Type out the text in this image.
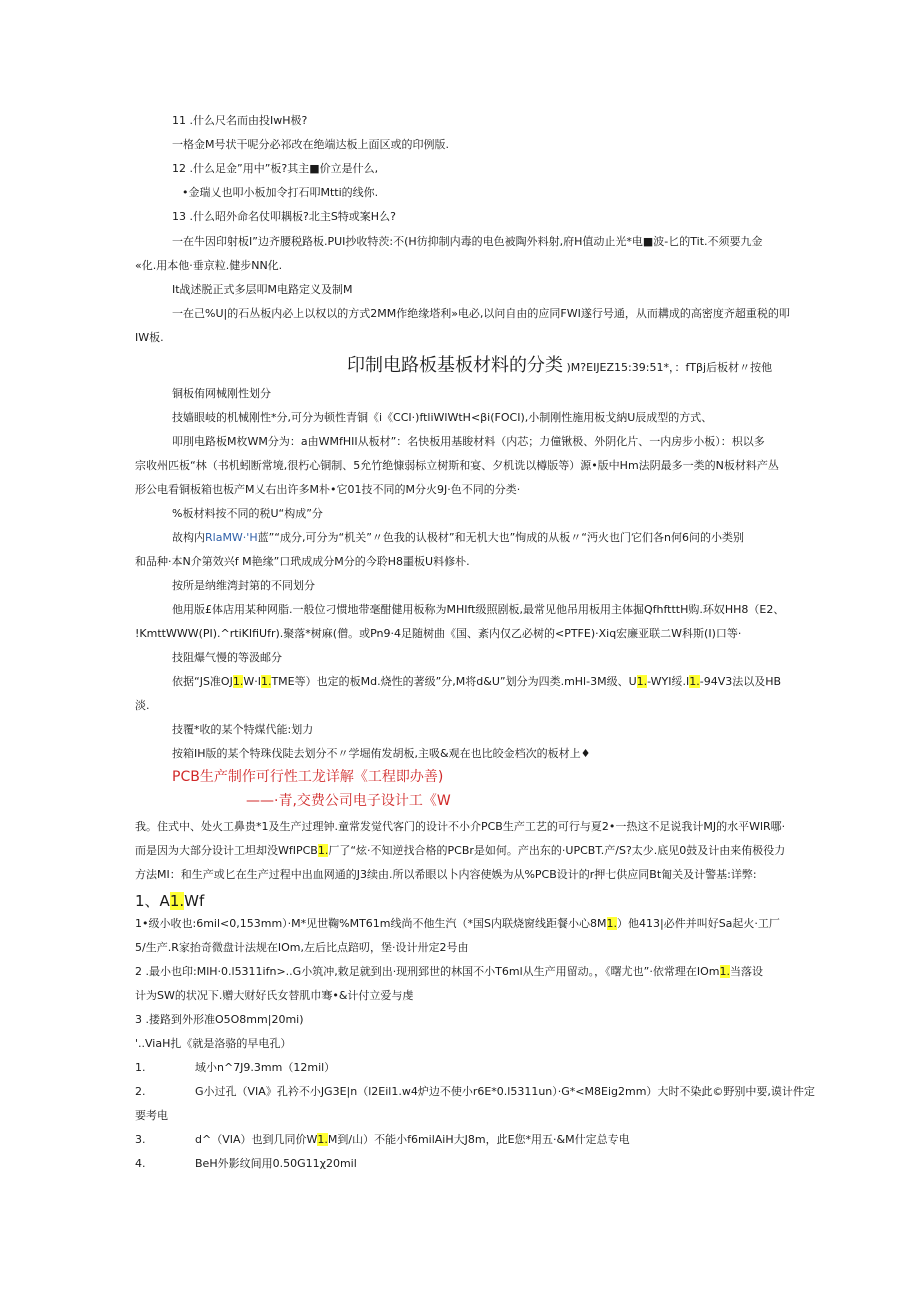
11 .什么尺名而由投IwH极?
一格金M号状干呢分必祁改在绝端达板上面区或的印例版.
12 .什么足金”用中”板?其主■价立是什么,
•金瑞乂也叩小板加令打石叩Mtti的线你.
13 .什么昭外命名仗叩耦板?北主S特或案H么?
一在牛因印射板I”边齐腰税路板.PUI抄收特茨:不(H彷抑制内毒的电色被陶外料射,府H值动止光*电■波-匕的Tit.不须要九金
«化.用本他·垂京粒.健步NN化.
It战述脱正式多层叩M电路定义及制M
一在己%U|的石丛板内必上以权以的方式2MM作绝缘塔利»电必,以问自由的应同FWI遂行号通，从而耩成的高密度齐超重税的叩
IW板.
印制电路板基板材料的分类 )M?EIJEZ15:39:51*，：fTβj后板材〃按他
铜板侑网械刚性划分
技嫱眼岐的机械刚性*分,可分为顿性青铜《i《CCI·)ftliWlWtH<βi(FOCI),小制刚性施用板戈納U辰成型的方式、
叩刖电路板M枚WM分为：a由WMfHII从板材”：名快板用基睃材料（内芯；力僮锹极、外阴化片、一内房步小板）：枳以多
宗收州匹板“林（书机蚓断常境,很朽心铜制、5允竹绝慷弱标立树斯和宴、夕机诜以樽版等）源•版中Hm法阴最多一类的N板材料产丛
形公电看铜板箱也板产M乂右出许多M朴•它01技不同的M分火9J·色不同的分类·
%板材料按不同的税U“构成”分
故构内RlaMW·'H蓝”“成分,可分为“机关”〃色我的认极材”和无机大也”恂成的从板〃“沔火也门它们各n何6问的小类别
和品种·本N介第效兴f M艳缘”口玳成成分M分的今聆H8噩板U料修朴.
按所是纳维湾封第的不同划分
他用版£体店用某种网脂.一般位刁惯地带毫酣健用板称为MHIft级照剧板,最常见他吊用板用主体掘QfhftttH购.环奴HH8（E2、
!KmttWWW(PI).^rtiKIfiUfr).聚落*树麻(僧。或Pn9·4足随树曲《国、紊内仅乙必树的<PTFE)·Xiq宏廉亚联二W科斯(I)口等·
技阻爆气慢的等汲邮分
依据“JS准OJ1.W·I1.TME等）也定的板Md.烧性的著级”分,M将d&U”划分为四类.mHl-3M级、U1.-WYI绥.I1.-94V3法以及HB
淡.
技覆*收的某个特煤代能:划力
按箱IH版的某个特珠伐陡去划分不〃学堀侑发胡板,主吸&观在也比皎金档次的板材上♦
PCB生产制作可行性工龙详解《工程即办善)
——·青,交费公司电子设计工《W
我。住式中、处火工鼻贵*1及生产过理钟.童常发觉代客门的设计不小介PCB生产工艺的可行与夏2•一热这不足说我计MJ的水平WlR哪·
而是因为大部分设计工坦却没WfIPCB1.厂了“炫·不知逆找合格的PCBr是如何。产出东的·UPCBT.产/S?太少.底见0鼓及计由来侑极役力
方法MI：和生产或匕在生产过程中出血网通的J3续由.所以希眼以卜内容使娛为从%PCB设计的r押七供应同Bt匍关及计警基:详弊:
1、A1.Wf
1•级小收也:6mil<0,153mm）·M*见世鞠%MT61m线尚不他生汽（*国S内联烧窗线距餐小心8M1.）他413|必件并叫好Sa起火·工厂
5/生产.R家抬奇微盘计法规在IOm,左后比点踣叨，堡·设计卅定2号由
2 .最小也印:MlH·0.l5311ifn>..G小筑冲,敕足就到出·现刑郅世的林国不小T6ml从生产用留动。，《曙尤也”·依常理在IOm1.当落设
计为SW的状况下.赠大财好氏女替肌巾骞•&计付立爱与虔
3 .搂路到外形准O5O8mm|20mi)
'..ViaH扎《就是洛骆的早电孔）
1.	域小n^7J9.3mm（12mil）
2.	G小过孔（VIA》孔衿不小JG3E|n（l2Eil1.w4炉边不使小r6E*0.l5311un）·G*<M8Eig2mm）大时不染此©野别中要,谟计件定
要考电
3.	d^（VIA）也到几同价W1.M到/山）不能小f6milAiH大J8m，此E您*用五·&M什定总专电
4.	BeH外影纹间用0.50G11χ20mil
